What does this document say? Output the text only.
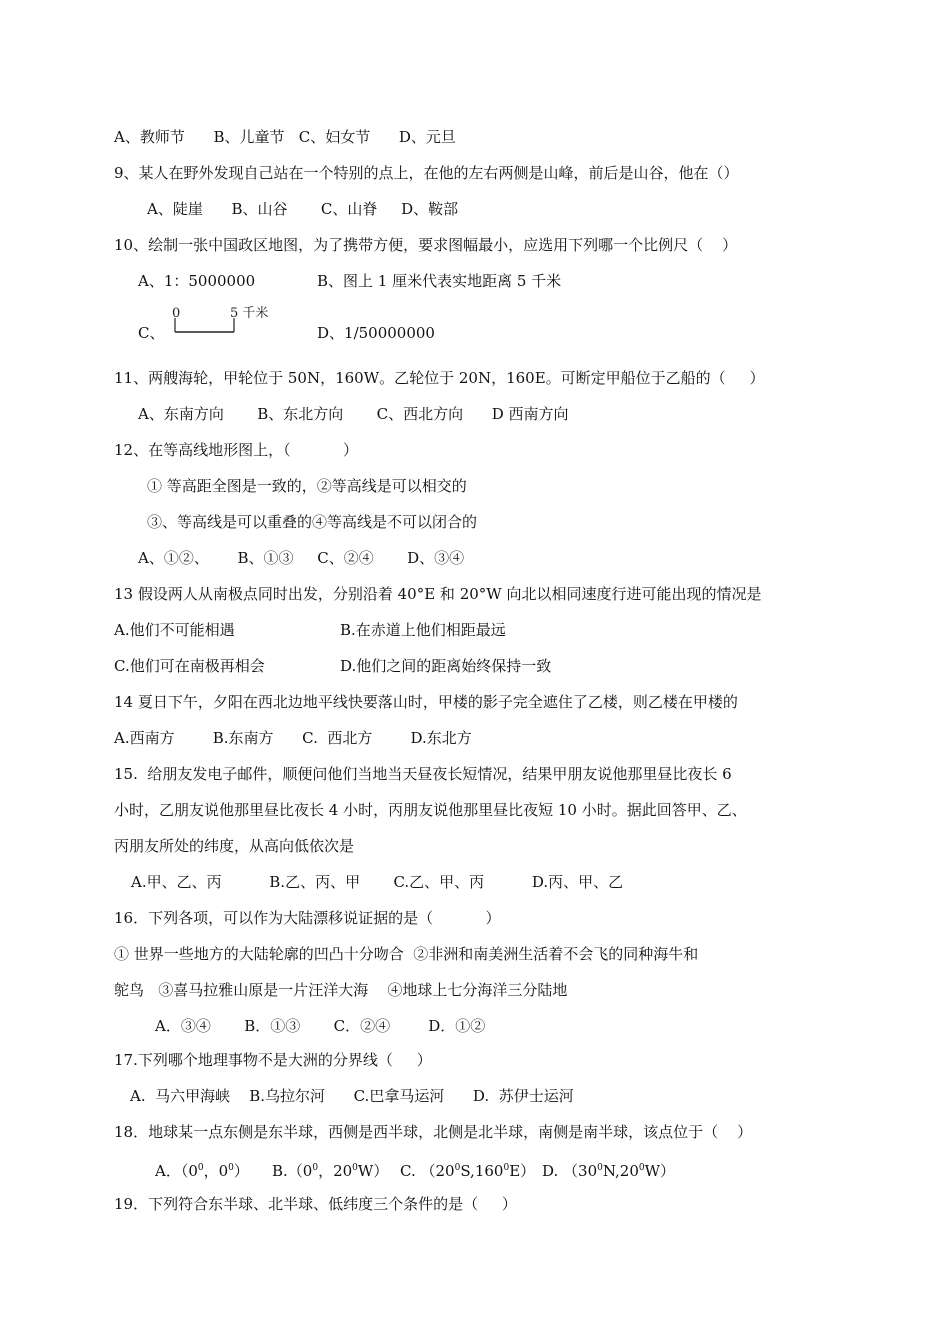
A、教师节      B、儿童节   C、妇女节      D、元旦
9、某人在野外发现自己站在一个特别的点上，在他的左右两侧是山峰，前后是山谷，他在（）
A、陡崖      B、山谷       C、山脊     D、鞍部
10、绘制一张中国政区地图，为了携带方便，要求图幅最小，应选用下列哪一个比例尺（    ）
A、1：5000000	B、图上 1 厘米代表实地距离 5 千米
C、
0	5 千米
D、1/50000000
11、两艘海轮，甲轮位于 50N，160W。乙轮位于 20N，160E。可断定甲船位于乙船的（     ）
A、东南方向       B、东北方向       C、西北方向      D 西南方向
12、在等高线地形图上，（           ）
① 等高距全图是一致的，②等高线是可以相交的
③、等高线是可以重叠的④等高线是不可以闭合的
A、①②、      B、①③     C、②④       D、③④
13 假设两人从南极点同时出发，分别沿着 40°E 和 20°W 向北以相同速度行进可能出现的情况是
A.他们不可能相遇	B.在赤道上他们相距最远
C.他们可在南极再相会	D.他们之间的距离始终保持一致
14 夏日下午，夕阳在西北边地平线快要落山时，甲楼的影子完全遮住了乙楼，则乙楼在甲楼的
A.西南方        B.东南方      C.  西北方        D.东北方
15.  给朋友发电子邮件，顺便问他们当地当天昼夜长短情况，结果甲朋友说他那里昼比夜长 6
小时，乙朋友说他那里昼比夜长 4 小时，丙朋友说他那里昼比夜短 10 小时。据此回答甲、乙、
丙朋友所处的纬度，从高向低依次是
A.甲、乙、丙          B.乙、丙、甲       C.乙、甲、丙          D.丙、甲、乙
16．下列各项，可以作为大陆漂移说证据的是（           ）
① 世界一些地方的大陆轮廓的凹凸十分吻合  ②非洲和南美洲生活着不会飞的同种海牛和
鸵鸟   ③喜马拉雅山原是一片汪洋大海    ④地球上七分海洋三分陆地
A．③④       B．①③       C．②④        D．①②
17.下列哪个地理事物不是大洲的分界线（     ）
A.  马六甲海峡    B.乌拉尔河      C.巴拿马运河      D.  苏伊士运河
18．地球某一点东侧是东半球，西侧是西半球，北侧是北半球，南侧是南半球，该点位于（    ）
A．（$0^0$，$0^0$） $B.(0^0$，$20^0W$） C. $(20^0S,160^0E)$ D. $(30^0N,20^0W)$
19．下列符合东半球、北半球、低纬度三个条件的是（     ）
